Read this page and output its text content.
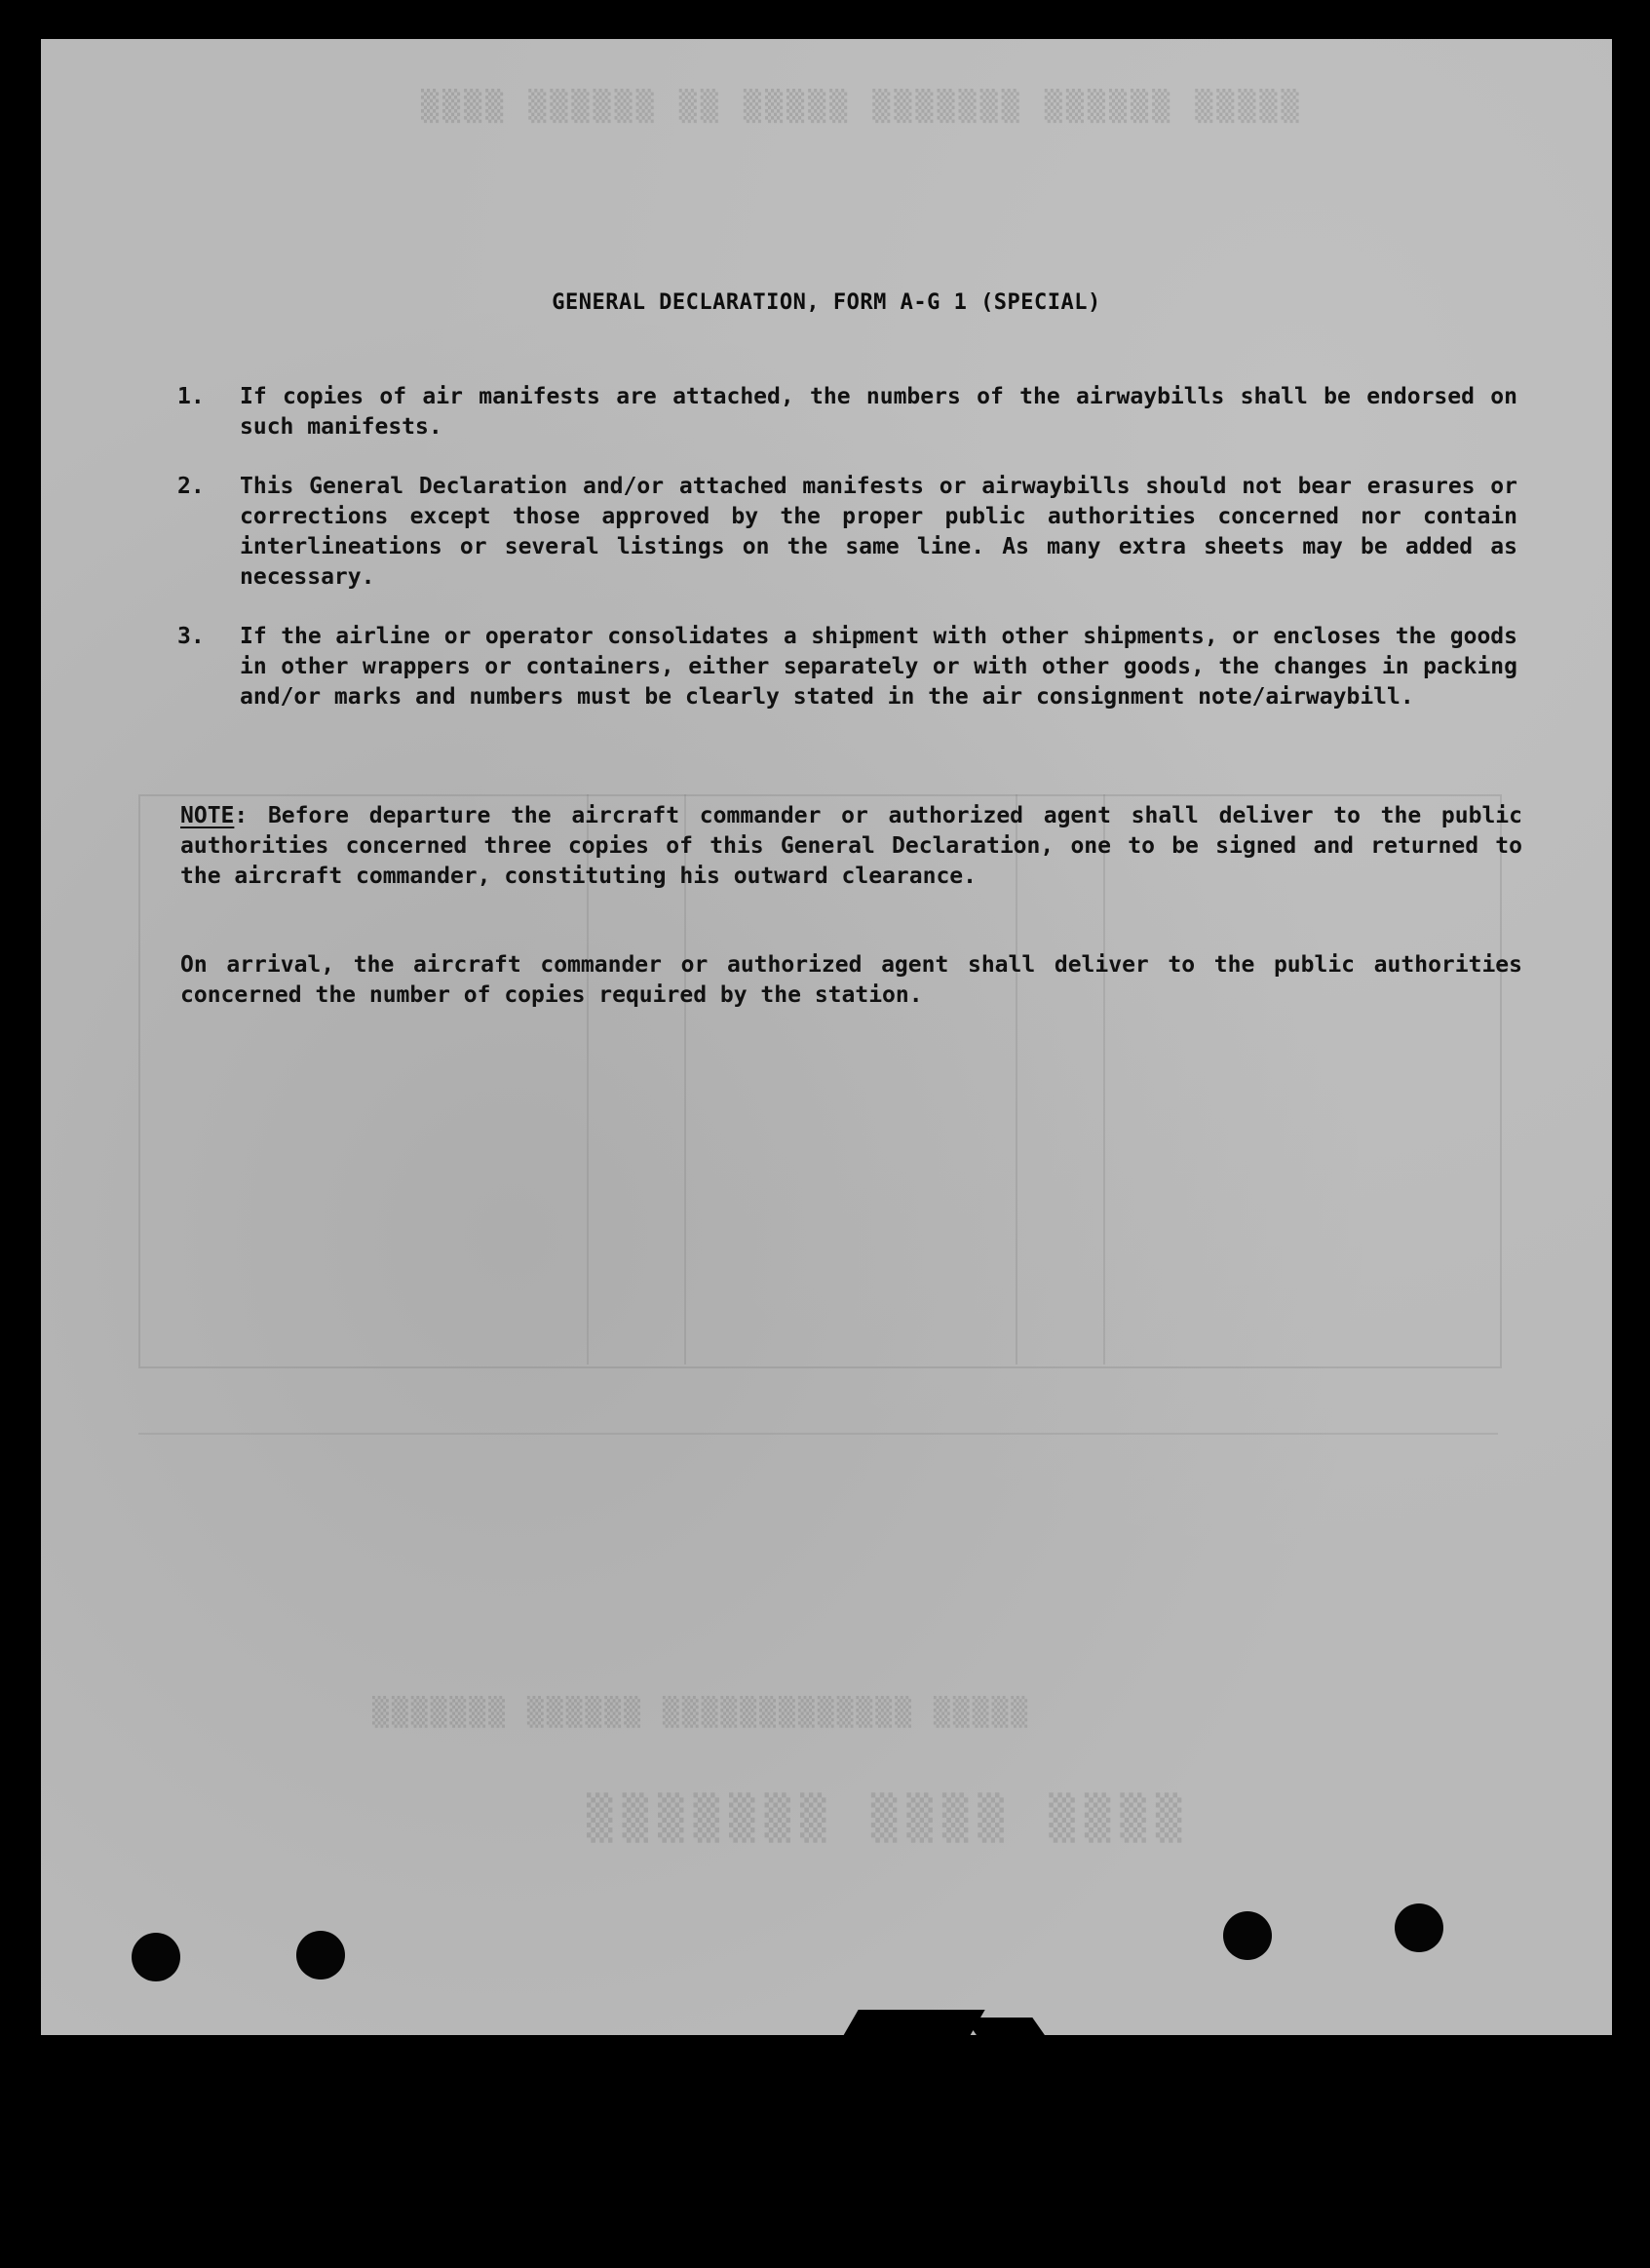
▒▒▒▒ ▒▒▒▒▒▒ ▒▒ ▒▒▒▒▒ ▒▒▒▒▒▒▒ ▒▒▒▒▒▒ ▒▒▒▒▒
▒▒▒▒▒▒▒ ▒▒▒▒▒▒ ▒▒▒▒▒▒▒▒▒▒▒▒▒ ▒▒▒▒▒
▒▒▒▒▒▒▒ ▒▒▒▒ ▒▒▒▒
GENERAL DECLARATION, FORM A-G 1 (SPECIAL)
1.	If copies of air manifests are attached, the numbers of the airwaybills shall be endorsed on such manifests.
2.	This General Declaration and/or attached manifests or airwaybills should not bear erasures or corrections except those approved by the proper public authorities concerned nor contain interlineations or several listings on the same line. As many extra sheets may be added as necessary.
3.	If the airline or operator consolidates a shipment with other shipments, or encloses the goods in other wrappers or containers, either separately or with other goods, the changes in packing and/or marks and numbers must be clearly stated in the air consignment note/airwaybill.
NOTE: Before departure the aircraft commander or authorized agent shall deliver to the public authorities concerned three copies of this General Declaration, one to be signed and returned to the aircraft commander, constituting his outward clearance.
On arrival, the aircraft commander or authorized agent shall deliver to the public authorities concerned the number of copies required by the station.
